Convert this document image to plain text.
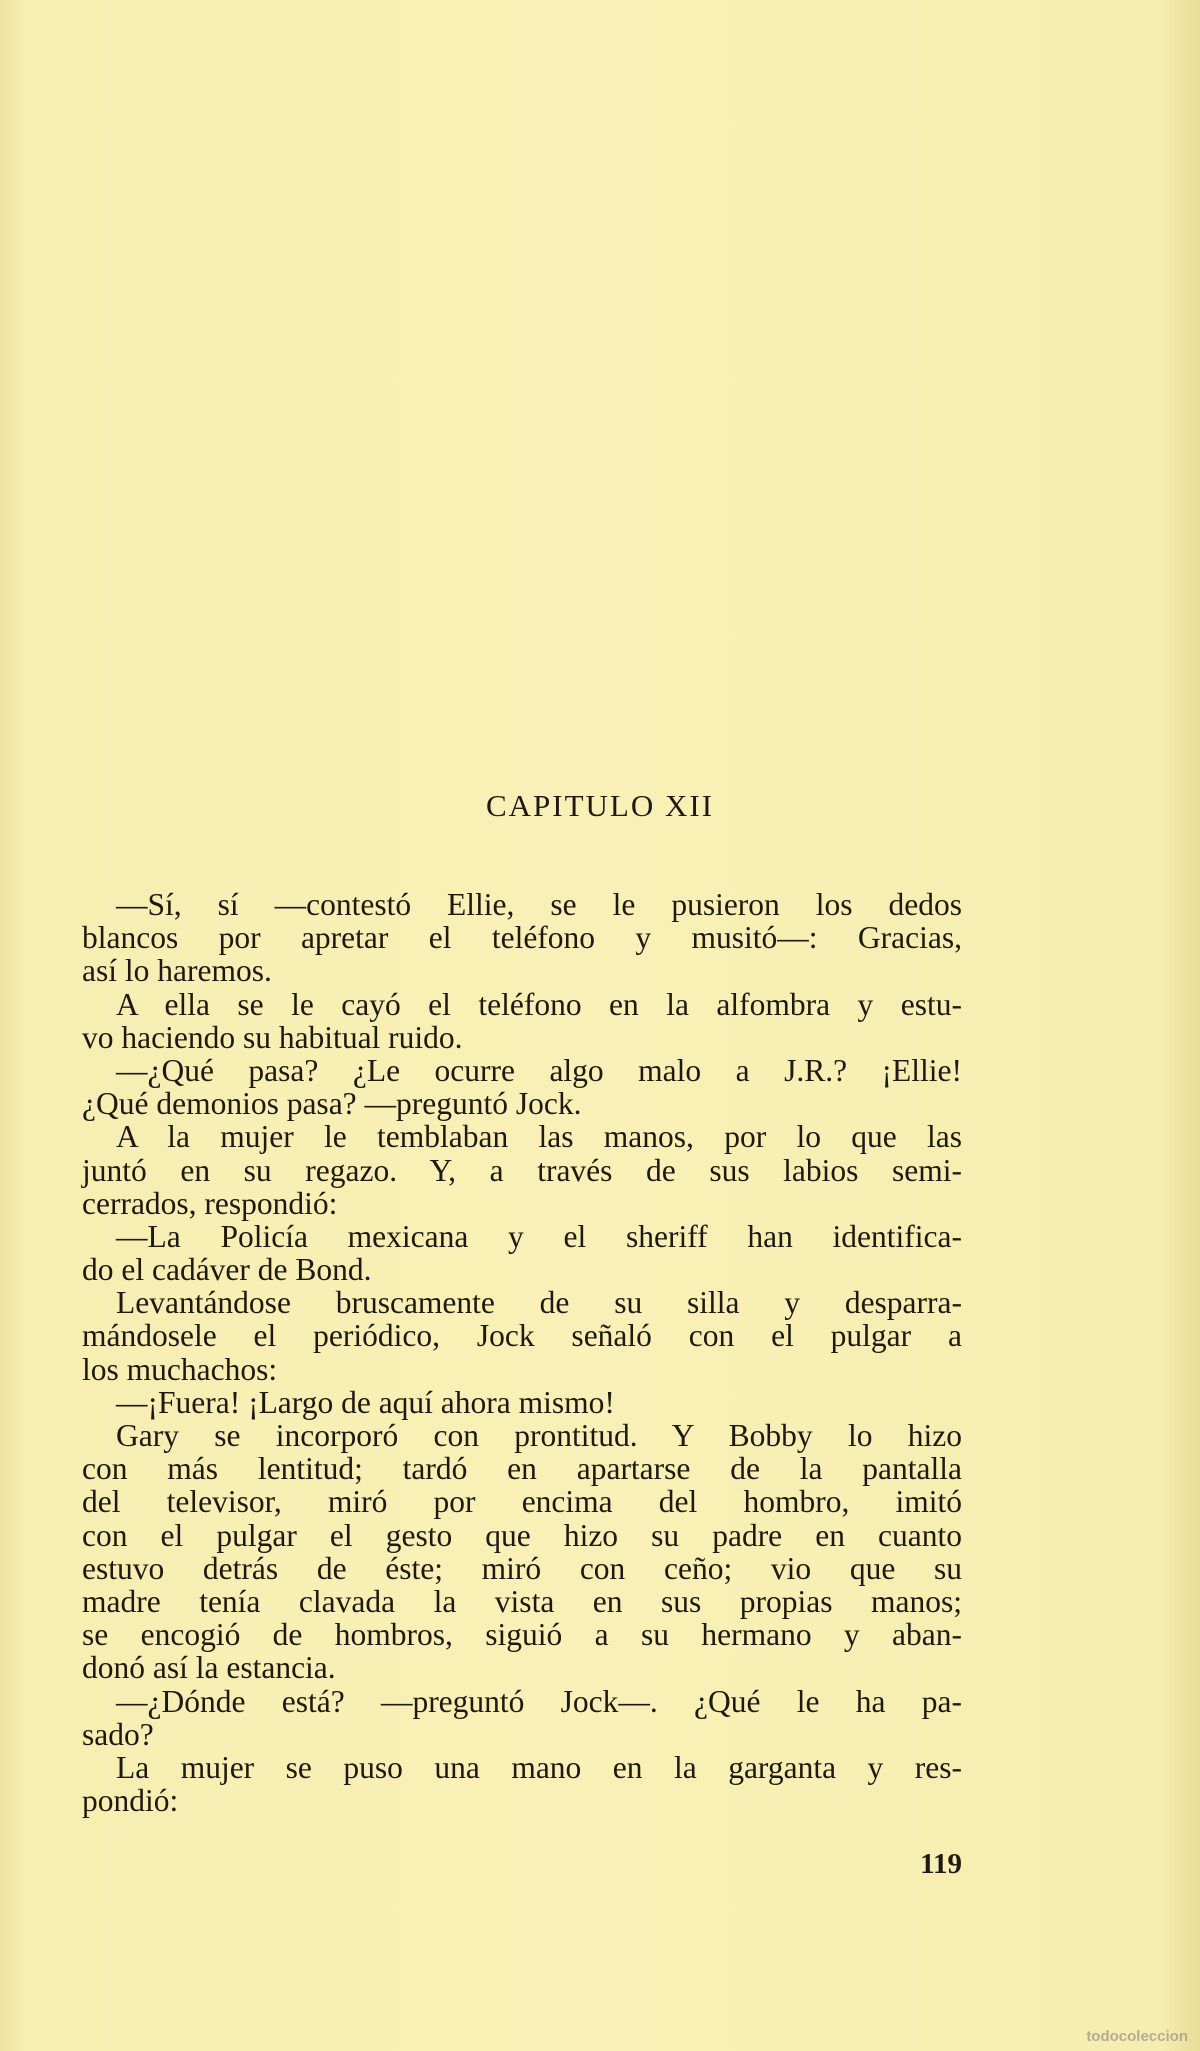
CAPITULO XII
—Sí, sí —contestó Ellie, se le pusieron los dedos
blancos por apretar el teléfono y musitó—: Gracias,
así lo haremos.
A ella se le cayó el teléfono en la alfombra y estu-
vo haciendo su habitual ruido.
—¿Qué pasa? ¿Le ocurre algo malo a J.R.? ¡Ellie!
¿Qué demonios pasa? —preguntó Jock.
A la mujer le temblaban las manos, por lo que las
juntó en su regazo. Y, a través de sus labios semi-
cerrados, respondió:
—La Policía mexicana y el sheriff han identifica-
do el cadáver de Bond.
Levantándose bruscamente de su silla y desparra-
mándosele el periódico, Jock señaló con el pulgar a
los muchachos:
—¡Fuera! ¡Largo de aquí ahora mismo!
Gary se incorporó con prontitud. Y Bobby lo hizo
con más lentitud; tardó en apartarse de la pantalla
del televisor, miró por encima del hombro, imitó
con el pulgar el gesto que hizo su padre en cuanto
estuvo detrás de éste; miró con ceño; vio que su
madre tenía clavada la vista en sus propias manos;
se encogió de hombros, siguió a su hermano y aban-
donó así la estancia.
—¿Dónde está? —preguntó Jock—. ¿Qué le ha pa-
sado?
La mujer se puso una mano en la garganta y res-
pondió:
119
todocoleccion
